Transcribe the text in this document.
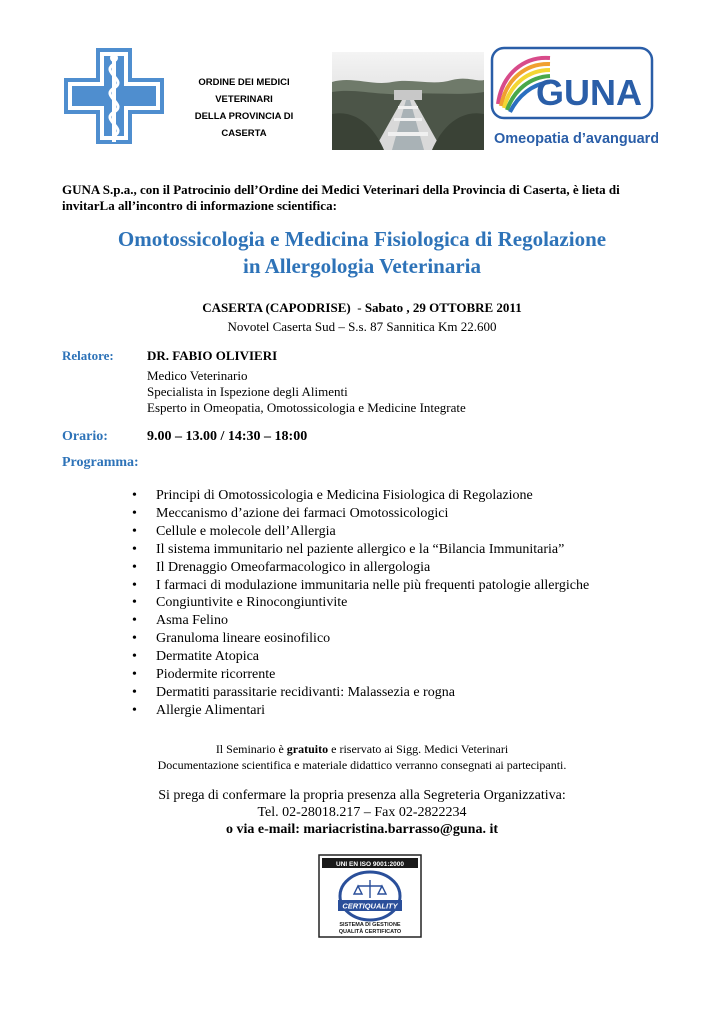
ORDINE DEI MEDICI
VETERINARI
DELLA PROVINCIA DI
CASERTA
GUNA
Omeopatia d’avanguardia
GUNA S.p.a., con il Patrocinio dell’Ordine dei Medici Veterinari della Provincia di Caserta, è lieta di invitarLa all’incontro di informazione scientifica:
Omotossicologia e Medicina Fisiologica di Regolazione
in Allergologia Veterinaria
CASERTA (CAPODRISE)  - Sabato , 29 OTTOBRE 2011
Novotel Caserta Sud – S.s. 87 Sannitica Km 22.600
Relatore:	DR. FABIO OLIVIERI
Medico Veterinario
Specialista in Ispezione degli Alimenti
Esperto in Omeopatia, Omotossicologia e Medicine Integrate
Orario:	9.00 – 13.00 / 14:30 – 18:00
Programma:
• Principi di Omotossicologia e Medicina Fisiologica di Regolazione
• Meccanismo d’azione dei farmaci Omotossicologici
• Cellule e molecole dell’Allergia
• Il sistema immunitario nel paziente allergico e la “Bilancia Immunitaria”
• Il Drenaggio Omeofarmacologico in allergologia
• I farmaci di modulazione immunitaria nelle più frequenti patologie allergiche
• Congiuntivite e Rinocongiuntivite
• Asma Felino
• Granuloma lineare eosinofilico
• Dermatite Atopica
• Piodermite ricorrente
• Dermatiti parassitarie recidivanti: Malassezia e rogna
• Allergie Alimentari
Il Seminario è gratuito e riservato ai Sigg. Medici Veterinari
Documentazione scientifica e materiale didattico verranno consegnati ai partecipanti.
Si prega di confermare la propria presenza alla Segreteria Organizzativa:
Tel. 02-28018.217 – Fax 02-2822234
o via e-mail: mariacristina.barrasso@guna. it
UNI EN ISO 9001:2000
CERTIQUALITY
SISTEMA DI GESTIONE
QUALITÀ CERTIFICATO
